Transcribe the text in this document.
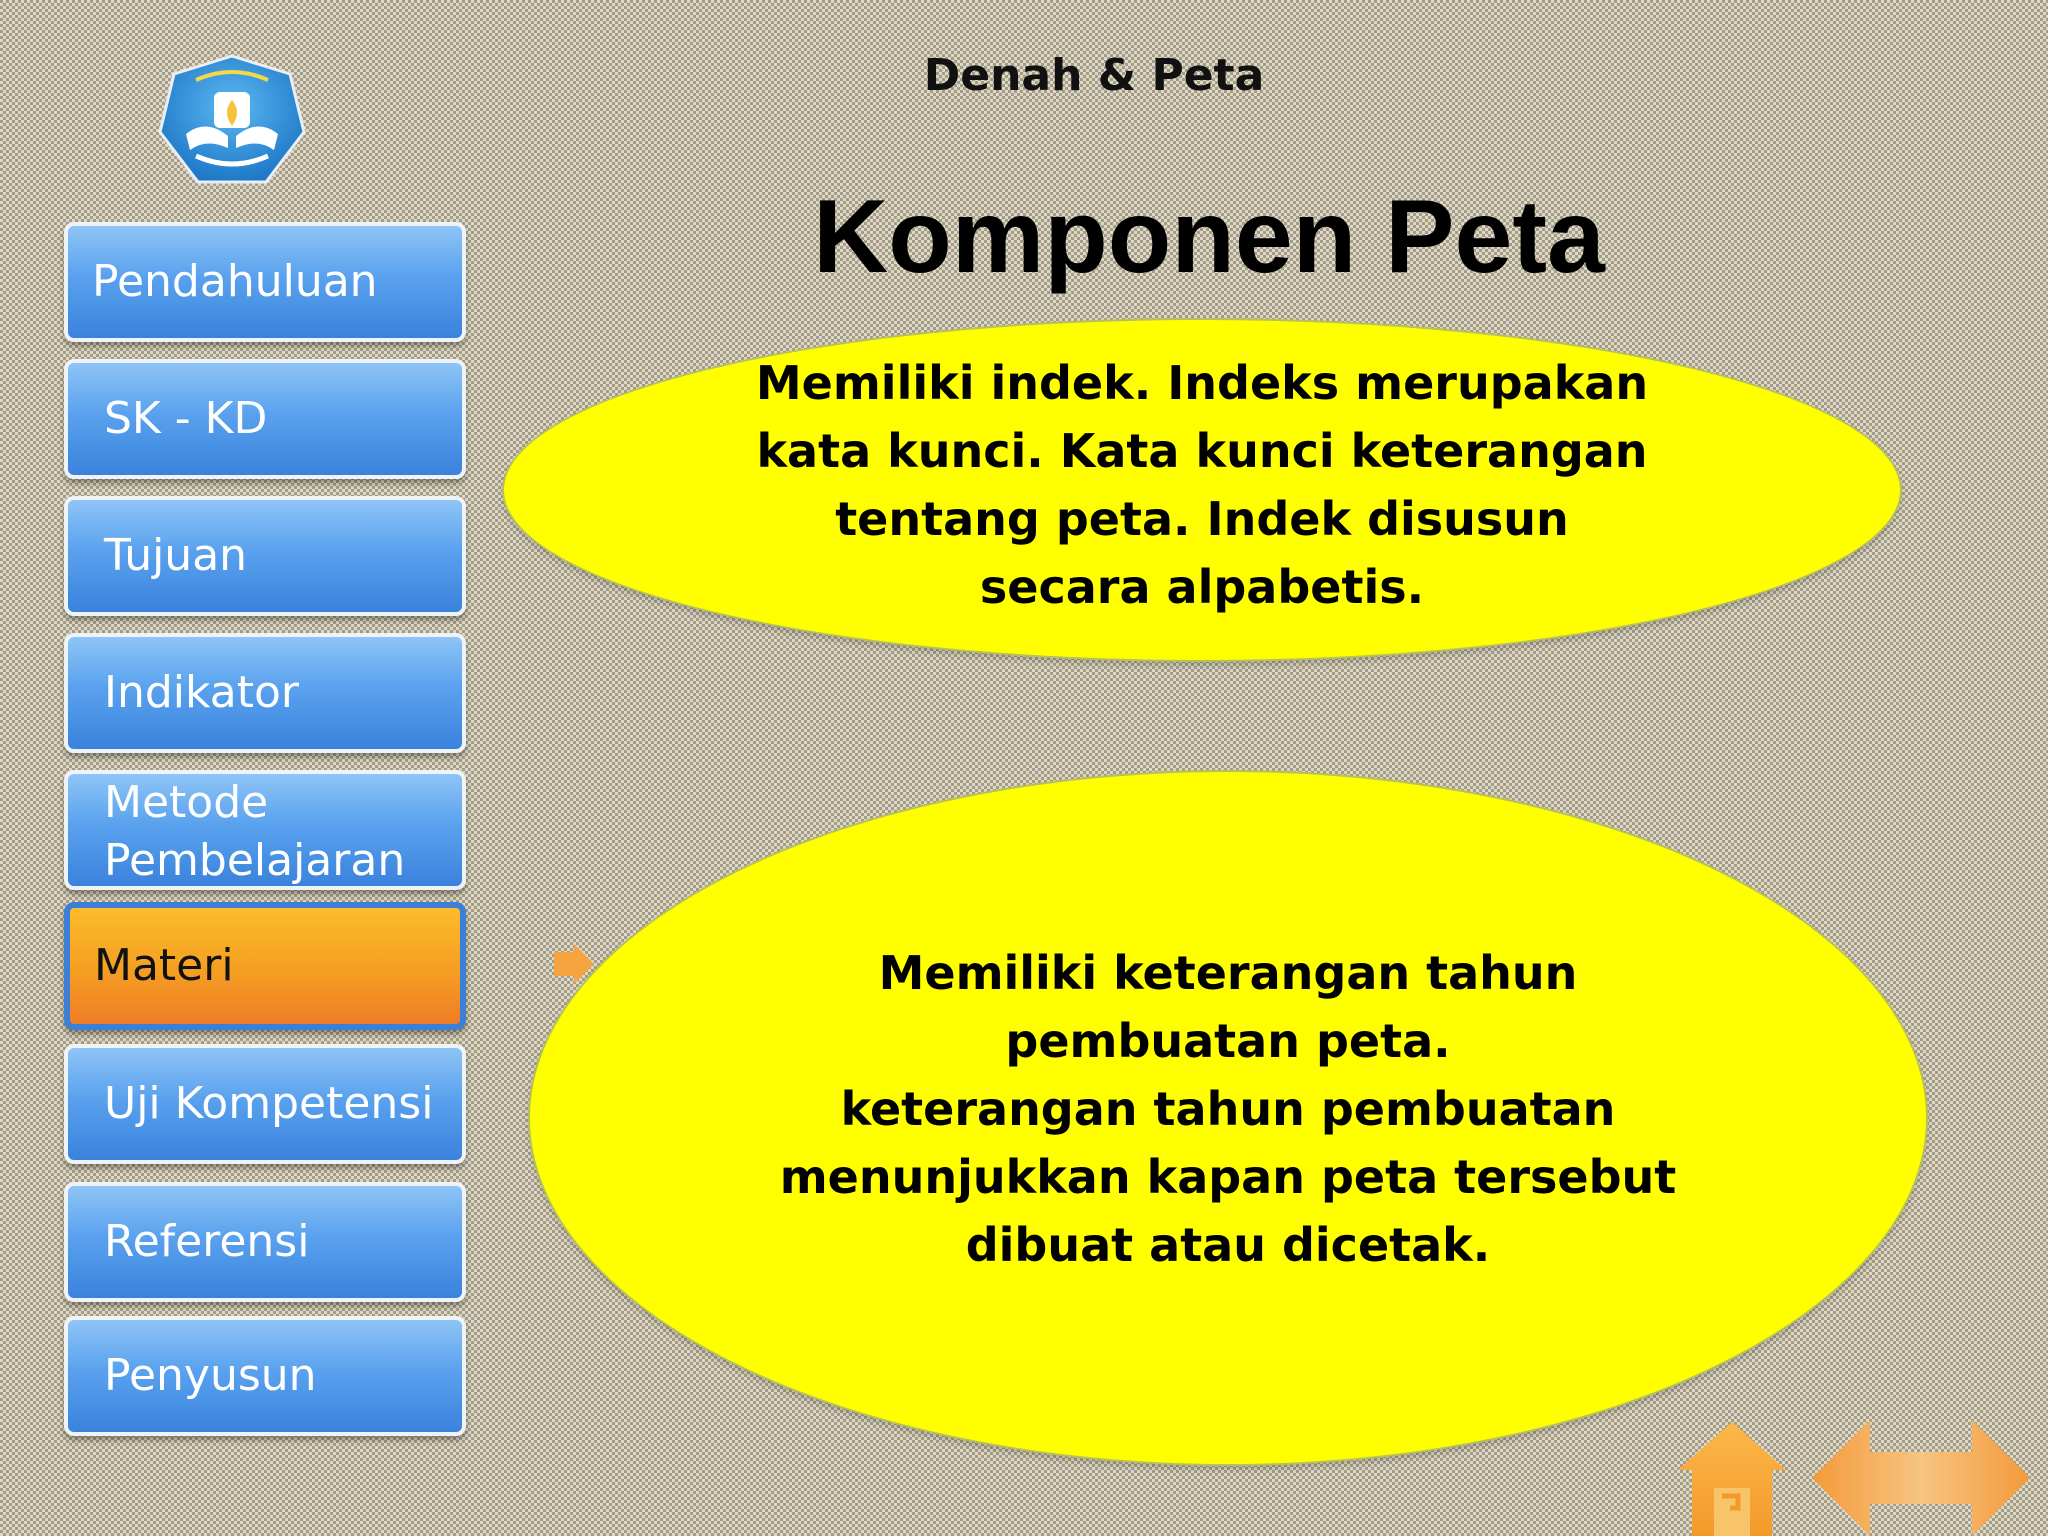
Denah & Peta
Komponen Peta
Pendahuluan
SK - KD
Tujuan
Indikator
Metode Pembelajaran
Materi
Uji Kompetensi
Referensi
Penyusun
Memiliki indek. Indeks merupakan kata kunci. Kata kunci keterangan tentang peta. Indek disusun secara alpabetis.
Memiliki keterangan tahun pembuatan peta.
keterangan tahun pembuatan menunjukkan kapan peta tersebut dibuat atau dicetak.
